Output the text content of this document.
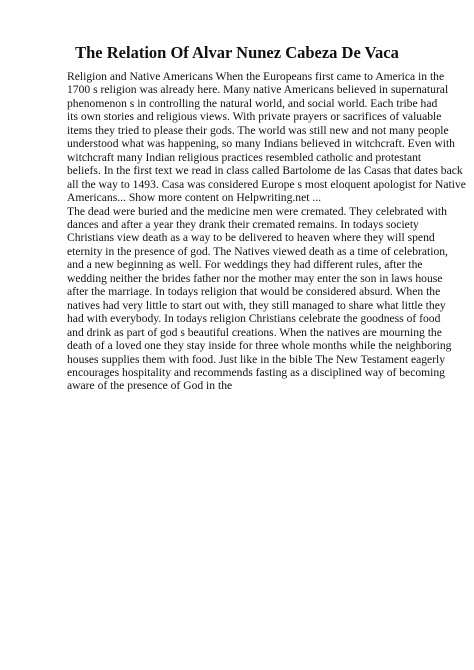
The Relation Of Alvar Nunez Cabeza De Vaca
Religion and Native Americans When the Europeans first came to America in the
1700 s religion was already here. Many native Americans believed in supernatural
phenomenon s in controlling the natural world, and social world. Each tribe had
its own stories and religious views. With private prayers or sacrifices of valuable
items they tried to please their gods. The world was still new and not many people
understood what was happening, so many Indians believed in witchcraft. Even with
witchcraft many Indian religious practices resembled catholic and protestant
beliefs. In the first text we read in class called Bartolome de las Casas that dates back
all the way to 1493. Casa was considered Europe s most eloquent apologist for Native
Americans... Show more content on Helpwriting.net ...
The dead were buried and the medicine men were cremated. They celebrated with
dances and after a year they drank their cremated remains. In todays society
Christians view death as a way to be delivered to heaven where they will spend
eternity in the presence of god. The Natives viewed death as a time of celebration,
and a new beginning as well. For weddings they had different rules, after the
wedding neither the brides father nor the mother may enter the son in laws house
after the marriage. In todays religion that would be considered absurd. When the
natives had very little to start out with, they still managed to share what little they
had with everybody. In todays religion Christians celebrate the goodness of food
and drink as part of god s beautiful creations. When the natives are mourning the
death of a loved one they stay inside for three whole months while the neighboring
houses supplies them with food. Just like in the bible The New Testament eagerly
encourages hospitality and recommends fasting as a disciplined way of becoming
aware of the presence of God in the
